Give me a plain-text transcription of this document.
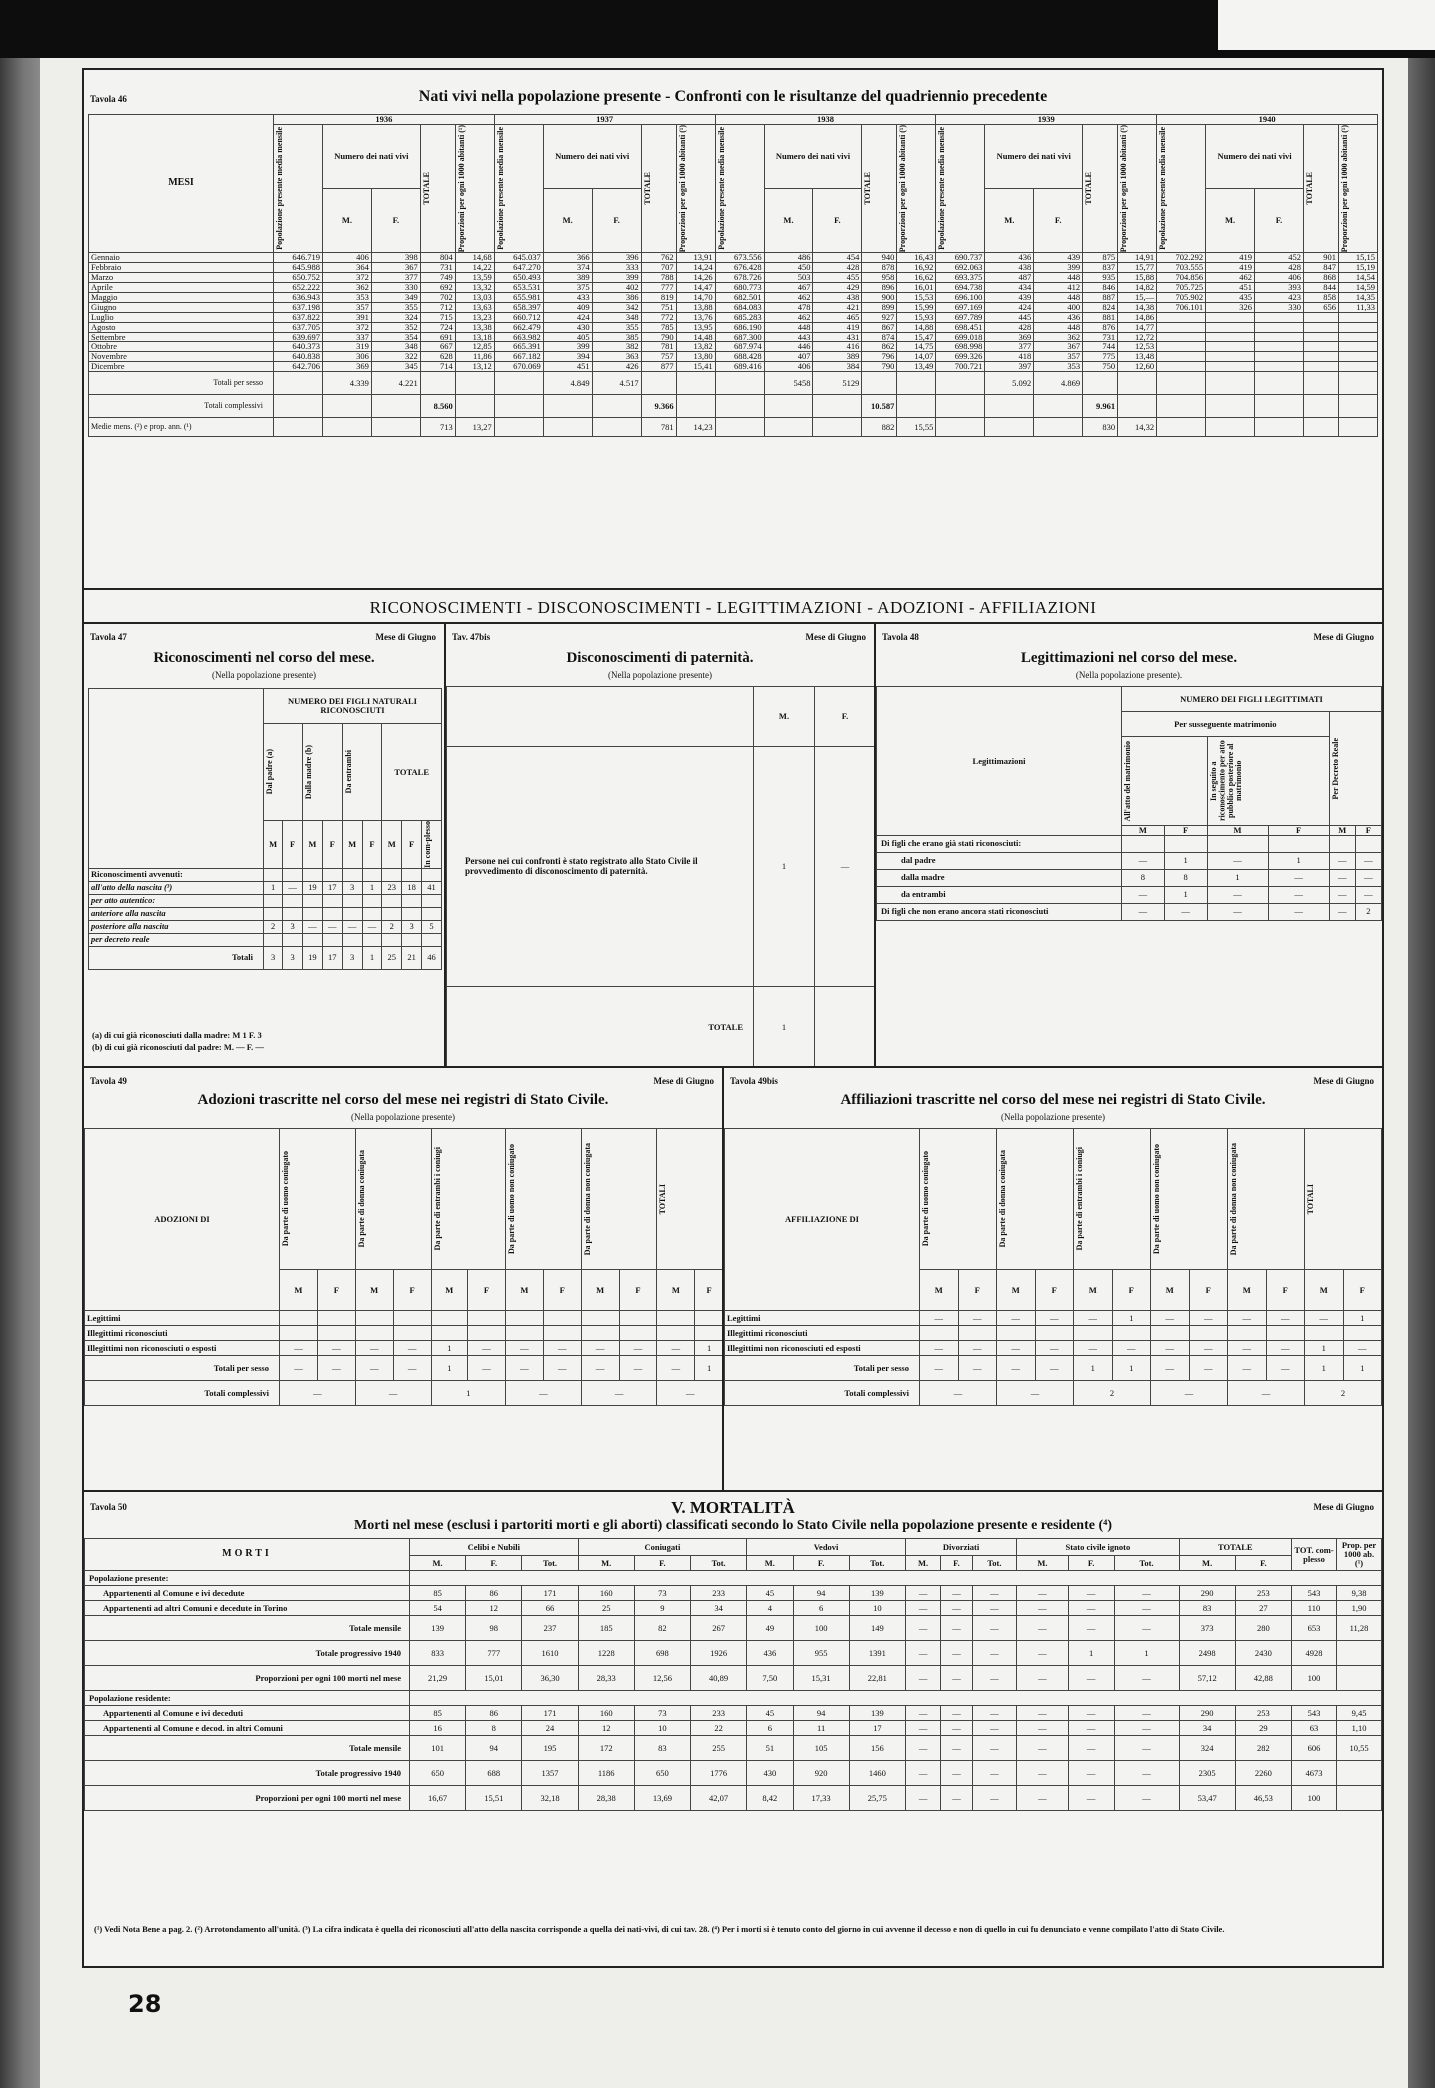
Tavola 46	Nati vivi nella popolazione presente - Confronti con le risultanze del quadriennio precedente
MESI	1936					1937					1938					1939					1940				

	Popolazione presente media mensile	Numero dei nati vivi		TOTALE	Proporzioni per ogni 1000 abitanti (¹)	Popolazione presente media mensile	Numero dei nati vivi		TOTALE	Proporzioni per ogni 1000 abitanti (¹)	Popolazione presente media mensile	Numero dei nati vivi		TOTALE	Proporzioni per ogni 1000 abitanti (¹)	Popolazione presente media mensile	Numero dei nati vivi		TOTALE	Proporzioni per ogni 1000 abitanti (¹)	Popolazione presente media mensile	Numero dei nati vivi		TOTALE	Proporzioni per ogni 1000 abitanti (¹)

		M.	F.				M.	F.				M.	F.				M.	F.				M.	F.		
Gennaio	646.719	406	398	804	14,68	645.037	366	396	762	13,91	673.556	486	454	940	16,43	690.737	436	439	875	14,91	702.292	419	452	901	15,15
Febbraio	645.988	364	367	731	14,22	647.270	374	333	707	14,24	676.428	450	428	878	16,92	692.063	438	399	837	15,77	703.555	419	428	847	15,19
Marzo	650.752	372	377	749	13,59	650.493	389	399	788	14,26	678.726	503	455	958	16,62	693.375	487	448	935	15,88	704.856	462	406	868	14,54
Aprile	652.222	362	330	692	13,32	653.531	375	402	777	14,47	680.773	467	429	896	16,01	694.738	434	412	846	14,82	705.725	451	393	844	14,59
Maggio	636.943	353	349	702	13,03	655.981	433	386	819	14,70	682.501	462	438	900	15,53	696.100	439	448	887	15,—	705.902	435	423	858	14,35
Giugno	637.198	357	355	712	13,63	658.397	409	342	751	13,88	684.083	478	421	899	15,99	697.169	424	400	824	14,38	706.101	326	330	656	11,33
Luglio	637.822	391	324	715	13,23	660.712	424	348	772	13,76	685.283	462	465	927	15,93	697.789	445	436	881	14,86					
Agosto	637.705	372	352	724	13,38	662.479	430	355	785	13,95	686.190	448	419	867	14,88	698.451	428	448	876	14,77					
Settembre	639.697	337	354	691	13,18	663.982	405	385	790	14,48	687.300	443	431	874	15,47	699.018	369	362	731	12,72					
Ottobre	640.373	319	348	667	12,85	665.391	399	382	781	13,82	687.974	446	416	862	14,75	698.998	377	367	744	12,53					
Novembre	640.838	306	322	628	11,86	667.182	394	363	757	13,80	688.428	407	389	796	14,07	699.326	418	357	775	13,48					
Dicembre	642.706	369	345	714	13,12	670.069	451	426	877	15,41	689.416	406	384	790	13,49	700.721	397	353	750	12,60					
Totali per sesso		4.339	4.221				4.849	4.517				5458	5129				5.092	4.869							
Totali complessivi				8.560					9.366					10.587					9.961						
Medie mens. (²) e prop. ann. (¹)				713	13,27				781	14,23				882	15,55				830	14,32					
RICONOSCIMENTI - DISCONOSCIMENTI - LEGITTIMAZIONI - ADOZIONI - AFFILIAZIONI
Tavola 47	Mese di Giugno
Riconoscimenti nel corso del mese.
(Nella popolazione presente)
	NUMERO DEI FIGLI NATURALI RICONOSCIUTI								

	Dal padre (a)		Dalla madre (b)		Da entrambi		TOTALE		
	M	F	M	F	M	F	M	F	In com-plesso

Riconoscimenti avvenuti:									
all'atto della nascita (³)	1	—	19	17	3	1	23	18	41
per atto autentico:									
anteriore alla nascita									
posteriore alla nascita	2	3	—	—	—	—	2	3	5
per decreto reale									
Totali	3	3	19	17	3	1	25	21	46
(a) di cui già riconosciuti dalla madre: M 1 F. 3
(b) di cui già riconosciuti dal padre: M. — F. —
Tav. 47bis	Mese di Giugno
Disconoscimenti di paternità.
(Nella popolazione presente)
	M.	F.
Persone nei cui confronti è stato registrato allo Stato Civile il provvedimento di disconoscimento di paternità.	1	—
TOTALE	1	
Tavola 48	Mese di Giugno
Legittimazioni nel corso del mese.
(Nella popolazione presente).
Legittimazioni	NUMERO DEI FIGLI LEGITTIMATI					
	Per susseguente matrimonio				Per Decreto Reale	

	All'atto del matrimonio		In seguito a riconoscimento per atto pubblico posteriore al matrimonio			

	M	F	M	F	M	F
Di figli che erano già stati riconosciuti:						
dal padre	—	1	—	1	—	—
dalla madre	8	8	1	—	—	—
da entrambi	—	1	—	—	—	—
Di figli che non erano ancora stati riconosciuti	—	—	—	—	—	2

Tavola 49	Mese di Giugno
Adozioni trascritte nel corso del mese nei registri di Stato Civile.
(Nella popolazione presente)
ADOZIONI DI	Da parte di uomo coniugato		Da parte di donna coniugata		Da parte di entrambi i coniugi		Da parte di uomo non coniugato		Da parte di donna non coniugata		TOTALI	

	M	F	M	F	M	F	M	F	M	F	M	F
Legittimi												
Illegittimi riconosciuti												
Illegittimi non riconosciuti o esposti	—	—	—	—	1	—	—	—	—	—	—	1
Totali per sesso	—	—	—	—	1	—	—	—	—	—	—	1
Totali complessivi	—		—		1		—		—		—	
Tavola 49bis	Mese di Giugno
Affiliazioni trascritte nel corso del mese nei registri di Stato Civile.
(Nella popolazione presente)
AFFILIAZIONE DI	Da parte di uomo coniugato		Da parte di donna coniugata		Da parte di entrambi i coniugi		Da parte di uomo non coniugato		Da parte di donna non coniugata		TOTALI	

	M	F	M	F	M	F	M	F	M	F	M	F
Legittimi	—	—	—	—	—	1	—	—	—	—	—	1
Illegittimi riconosciuti												
Illegittimi non riconosciuti ed esposti	—	—	—	—	—	—	—	—	—	—	1	—
Totali per sesso	—	—	—	—	1	1	—	—	—	—	1	1
Totali complessivi	—		—		2		—		—		2	
Tavola 50	V. MORTALITÀ	Mese di Giugno
Morti nel mese (esclusi i partoriti morti e gli aborti) classificati secondo lo Stato Civile nella popolazione presente e residente (⁴)
MORTI	Celibi e Nubili			Coniugati			Vedovi			Divorziati			Stato civile ignoto			TOTALE		TOT. com-plesso	Prop. per 1000 ab. (¹)
	M.	F.	Tot.	M.	F.	Tot.	M.	F.	Tot.	M.	F.	Tot.	M.	F.	Tot.	M.	F.		
Popolazione presente:																			
Appartenenti al Comune e ivi decedute	85	86	171	160	73	233	45	94	139	—	—	—	—	—	—	290	253	543	9,38
Appartenenti ad altri Comuni e decedute in Torino	54	12	66	25	9	34	4	6	10	—	—	—	—	—	—	83	27	110	1,90
Totale mensile	139	98	237	185	82	267	49	100	149	—	—	—	—	—	—	373	280	653	11,28
Totale progressivo 1940	833	777	1610	1228	698	1926	436	955	1391	—	—	—	—	1	1	2498	2430	4928	
Proporzioni per ogni 100 morti nel mese	21,29	15,01	36,30	28,33	12,56	40,89	7,50	15,31	22,81	—	—	—	—	—	—	57,12	42,88	100	
Popolazione residente:																			
Appartenenti al Comune e ivi deceduti	85	86	171	160	73	233	45	94	139	—	—	—	—	—	—	290	253	543	9,45
Appartenenti al Comune e decod. in altri Comuni	16	8	24	12	10	22	6	11	17	—	—	—	—	—	—	34	29	63	1,10
Totale mensile	101	94	195	172	83	255	51	105	156	—	—	—	—	—	—	324	282	606	10,55
Totale progressivo 1940	650	688	1357	1186	650	1776	430	920	1460	—	—	—	—	—	—	2305	2260	4673	
Proporzioni per ogni 100 morti nel mese	16,67	15,51	32,18	28,38	13,69	42,07	8,42	17,33	25,75	—	—	—	—	—	—	53,47	46,53	100	
(¹) Vedi Nota Bene a pag. 2. (²) Arrotondamento all'unità. (³) La cifra indicata è quella dei riconosciuti all'atto della nascita corrisponde a quella dei nati-vivi, di cui tav. 28. (⁴) Per i morti si è tenuto conto del giorno in cui avvenne il decesso e non di quello in cui fu denunciato e venne compilato l'atto di Stato Civile.
28
